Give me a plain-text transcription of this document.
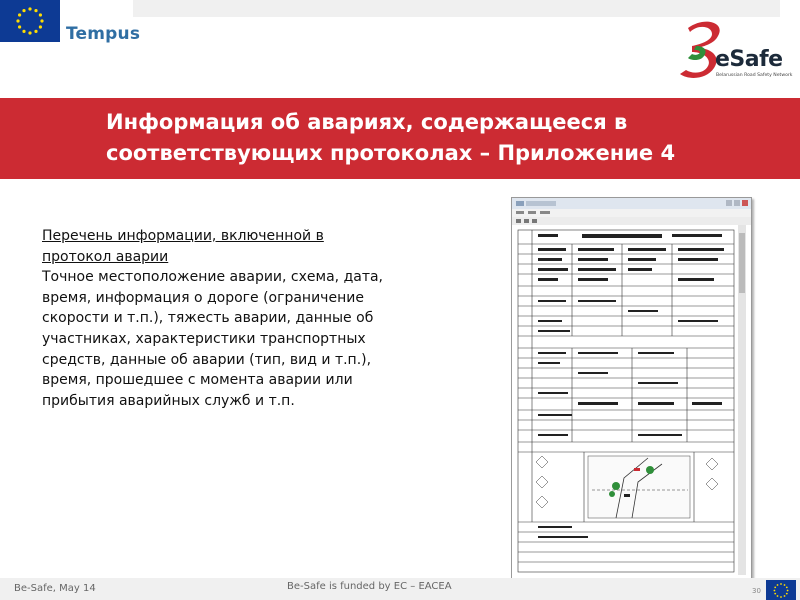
Tempus
eSafe
Belarussian Road Safety Network
Информация об авариях, содержащееся в
соответствующих протоколах – Приложение 4
Перечень информации, включенной в
протокол аварии
Точное местоположение аварии, схема, дата, время, информация о дороге (ограничение скорости и т.п.), тяжесть аварии, данные об участниках, характеристики транспортных средств, данные об аварии (тип, вид и т.п.), время, прошедшее с момента аварии или прибытия аварийных служб и т.п.
Be-Safe, May 14	Be-Safe is funded by EC – EACEA	30
